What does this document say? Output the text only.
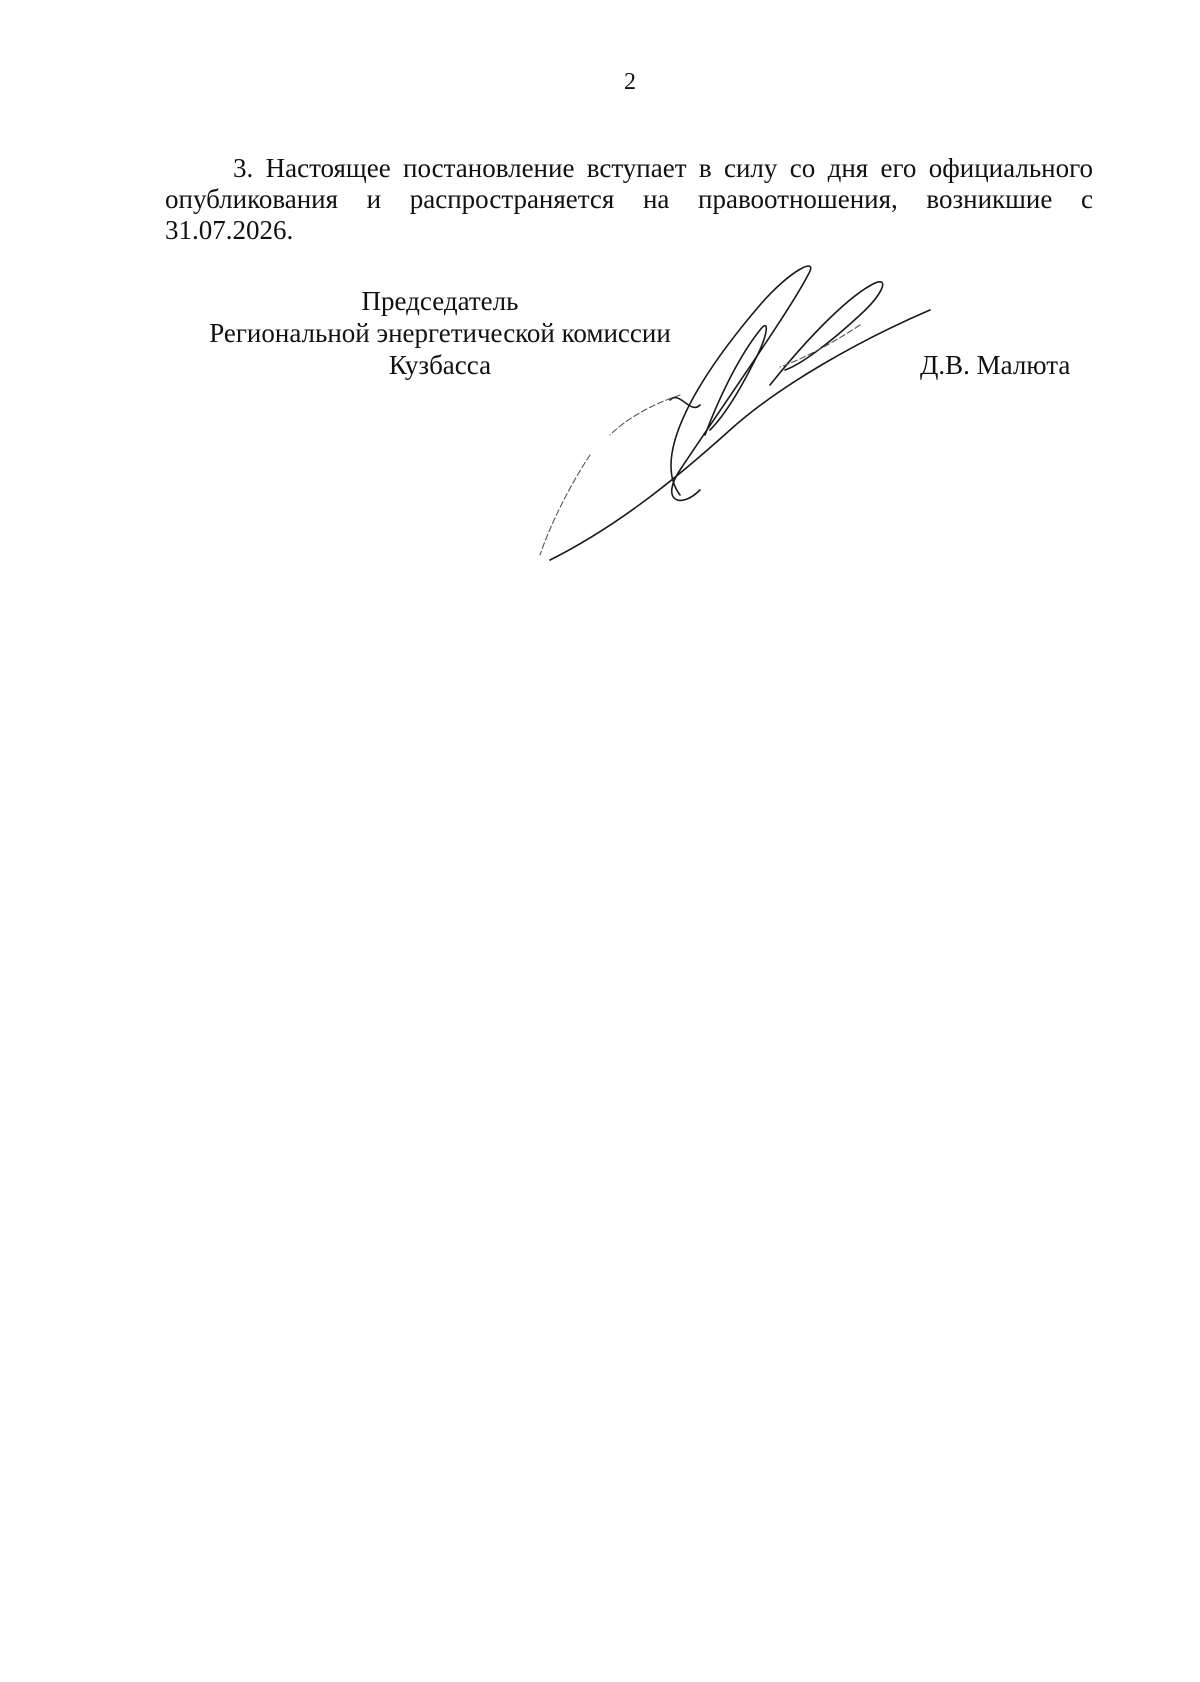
2

3. Настоящее постановление вступает в силу со дня его официального опубликования и распространяется на правоотношения, возникшие с 31.07.2026.

Председатель
Региональной энергетической комиссии
Кузбасса	Д.В. Малюта
